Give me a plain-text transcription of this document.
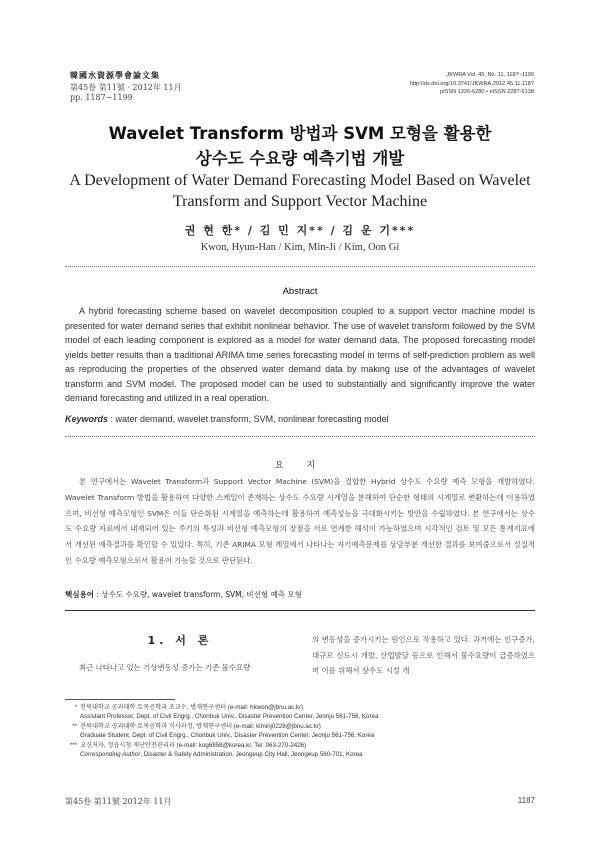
韓國水資源學會論文集
第45卷 第11號 · 2012年 11月
pp. 1187~1199
JKWRA Vol. 45, No. 11, 1187~1199
http://dx.doi.org/10.3741/JKWRA.2012.45.11.1187
pISSN 1226-6280 • eISSN 2287-6138
Wavelet Transform 방법과 SVM 모형을 활용한
상수도 수요량 예측기법 개발
A Development of Water Demand Forecasting Model Based on Wavelet
Transform and Support Vector Machine
권 현 한* / 김 민 지** / 김 운 기***
Kwon, Hyun-Han / Kim, Min-Ji / Kim, Oon Gi
Abstract

A hybrid forecasting scheme based on wavelet decomposition coupled to a support vector machine model is presented for water demand series that exhibit nonlinear behavior. The use of wavelet transform followed by the SVM model of each leading component is explored as a model for water demand data. The proposed forecasting model yields better results than a traditional ARIMA time series forecasting model in terms of self-prediction problem as well as reproducing the properties of the observed water demand data by making use of the advantages of wavelet transform and SVM model. The proposed model can be used to substantially and significantly improve the water demand forecasting and utilized in a real operation.

Keywords : water demand, wavelet transform, SVM, nonlinear forecasting model
요 지

본 연구에서는 Wavelet Transform과 Support Vector Machine (SVM)을 결합한 Hybrid 상수도 수요량 예측 모형을 개발하였다. Wavelet Transform 방법을 활용하여 다양한 스케일이 존재하는 상수도 수요량 시계열을 분해하여 단순한 형태의 시계열로 변환하는데 이용하였으며, 비선형 예측모형인 SVM은 이들 단순화된 시계열을 예측하는데 활용하여 예측성능을 극대화시키는 방안을 수립하였다. 본 연구에서는 상수도 수요량 자료에서 내재되어 있는 주기의 특성과 비선형 예측모형의 장점을 서로 연계한 해석이 가능하였으며 시각적인 검토 및 모든 통계지표에서 개선된 예측결과를 확인할 수 있었다. 특히, 기존 ARIMA 모형 계열에서 나타나는 자기예측문제를 상당부분 개선한 결과를 보여줌으로서 실질적인 수요량 예측모형으로서 활용이 가능할 것으로 판단된다.

핵심용어 : 상수도 수요량, wavelet transform, SVM, 비선형 예측 모형
1. 서 론

최근 나타나고 있는 기상변동성 증가는 기존 물수요량

의 변동성을 증가시키는 원인으로 작용하고 있다. 과거에는 인구증가, 대규모 신도시 개발, 산업발달 등으로 인해서 물수요량이 급증하였으며 이를 위해서 상수도 시설 개

* 전북대학교 공과대학 토목공학과 조교수, 방재연구센터 (e-mail: hkwon@jbnu.ac.kr)
Assistant Professor, Dept. of Civil Engrg., Chonbuk Univ., Disaster Prevention Center, Jeonju 561-756, Korea
** 전북대학교 공과대학 토목공학과 석사과정, 방재연구센터 (e-mail: kiminj0228@jbnu.ac.kr)
Graduate Student, Dept. of Civil Engrg., Chonbuk Univ., Disaster Prevention Center, Jeonju 561-756, Korea
*** 교신저자, 정읍시청 재난안전관리과 (e-mail: kog6858@korea.kr, Tel: 063-270-2426)
Corresponding Author, Disaster & Safety Administration, Jeongeup City Hall, Jeongeup 580-701, Korea
第45卷 第11號 2012年 11月	1187
